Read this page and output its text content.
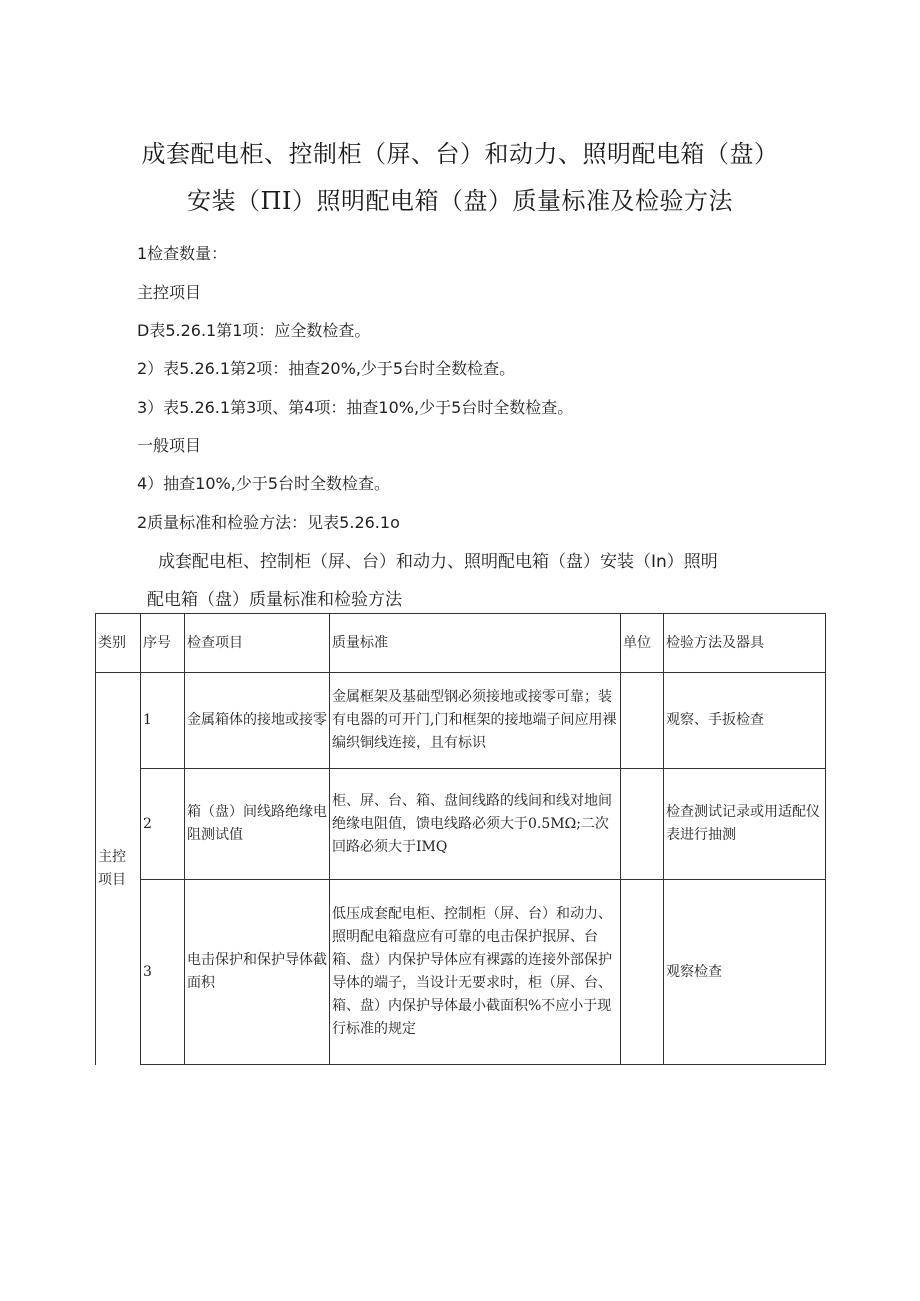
成套配电柜、控制柜（屏、台）和动力、照明配电箱（盘）
安装（ΠI）照明配电箱（盘）质量标准及检验方法
1检查数量：
主控项目
D表5.26.1第1项：应全数检查。
2）表5.26.1第2项：抽查20%,少于5台时全数检查。
3）表5.26.1第3项、第4项：抽查10%,少于5台时全数检查。
一般项目
4）抽查10%,少于5台时全数检查。
2质量标准和检验方法：见表5.26.1o
成套配电柜、控制柜（屏、台）和动力、照明配电箱（盘）安装（In）照明
配电箱（盘）质量标准和检验方法
类别	序号	检查项目	质量标准	单位	检验方法及器具
主控项目	1	金属箱体的接地或接零	金属框架及基础型钢必须接地或接零可靠；装有电器的可开门,门和框架的接地端子间应用裸编织铜线连接，且有标识		观察、手扳检查
	2	箱（盘）间线路绝缘电阻测试值	柜、屏、台、箱、盘间线路的线间和线对地间绝缘电阻值，馈电线路必须大于0.5MΩ;二次回路必须大于IMQ		检查测试记录或用适配仪表进行抽测
	3	电击保护和保护导体截面积	低压成套配电柜、控制柜（屏、台）和动力、照明配电箱盘应有可靠的电击保护抿屏、台箱、盘）内保护导体应有裸露的连接外部保护导体的端子，当设计无要求时，柜（屏、台、箱、盘）内保护导体最小截面积%不应小于现行标准的规定		观察检查
